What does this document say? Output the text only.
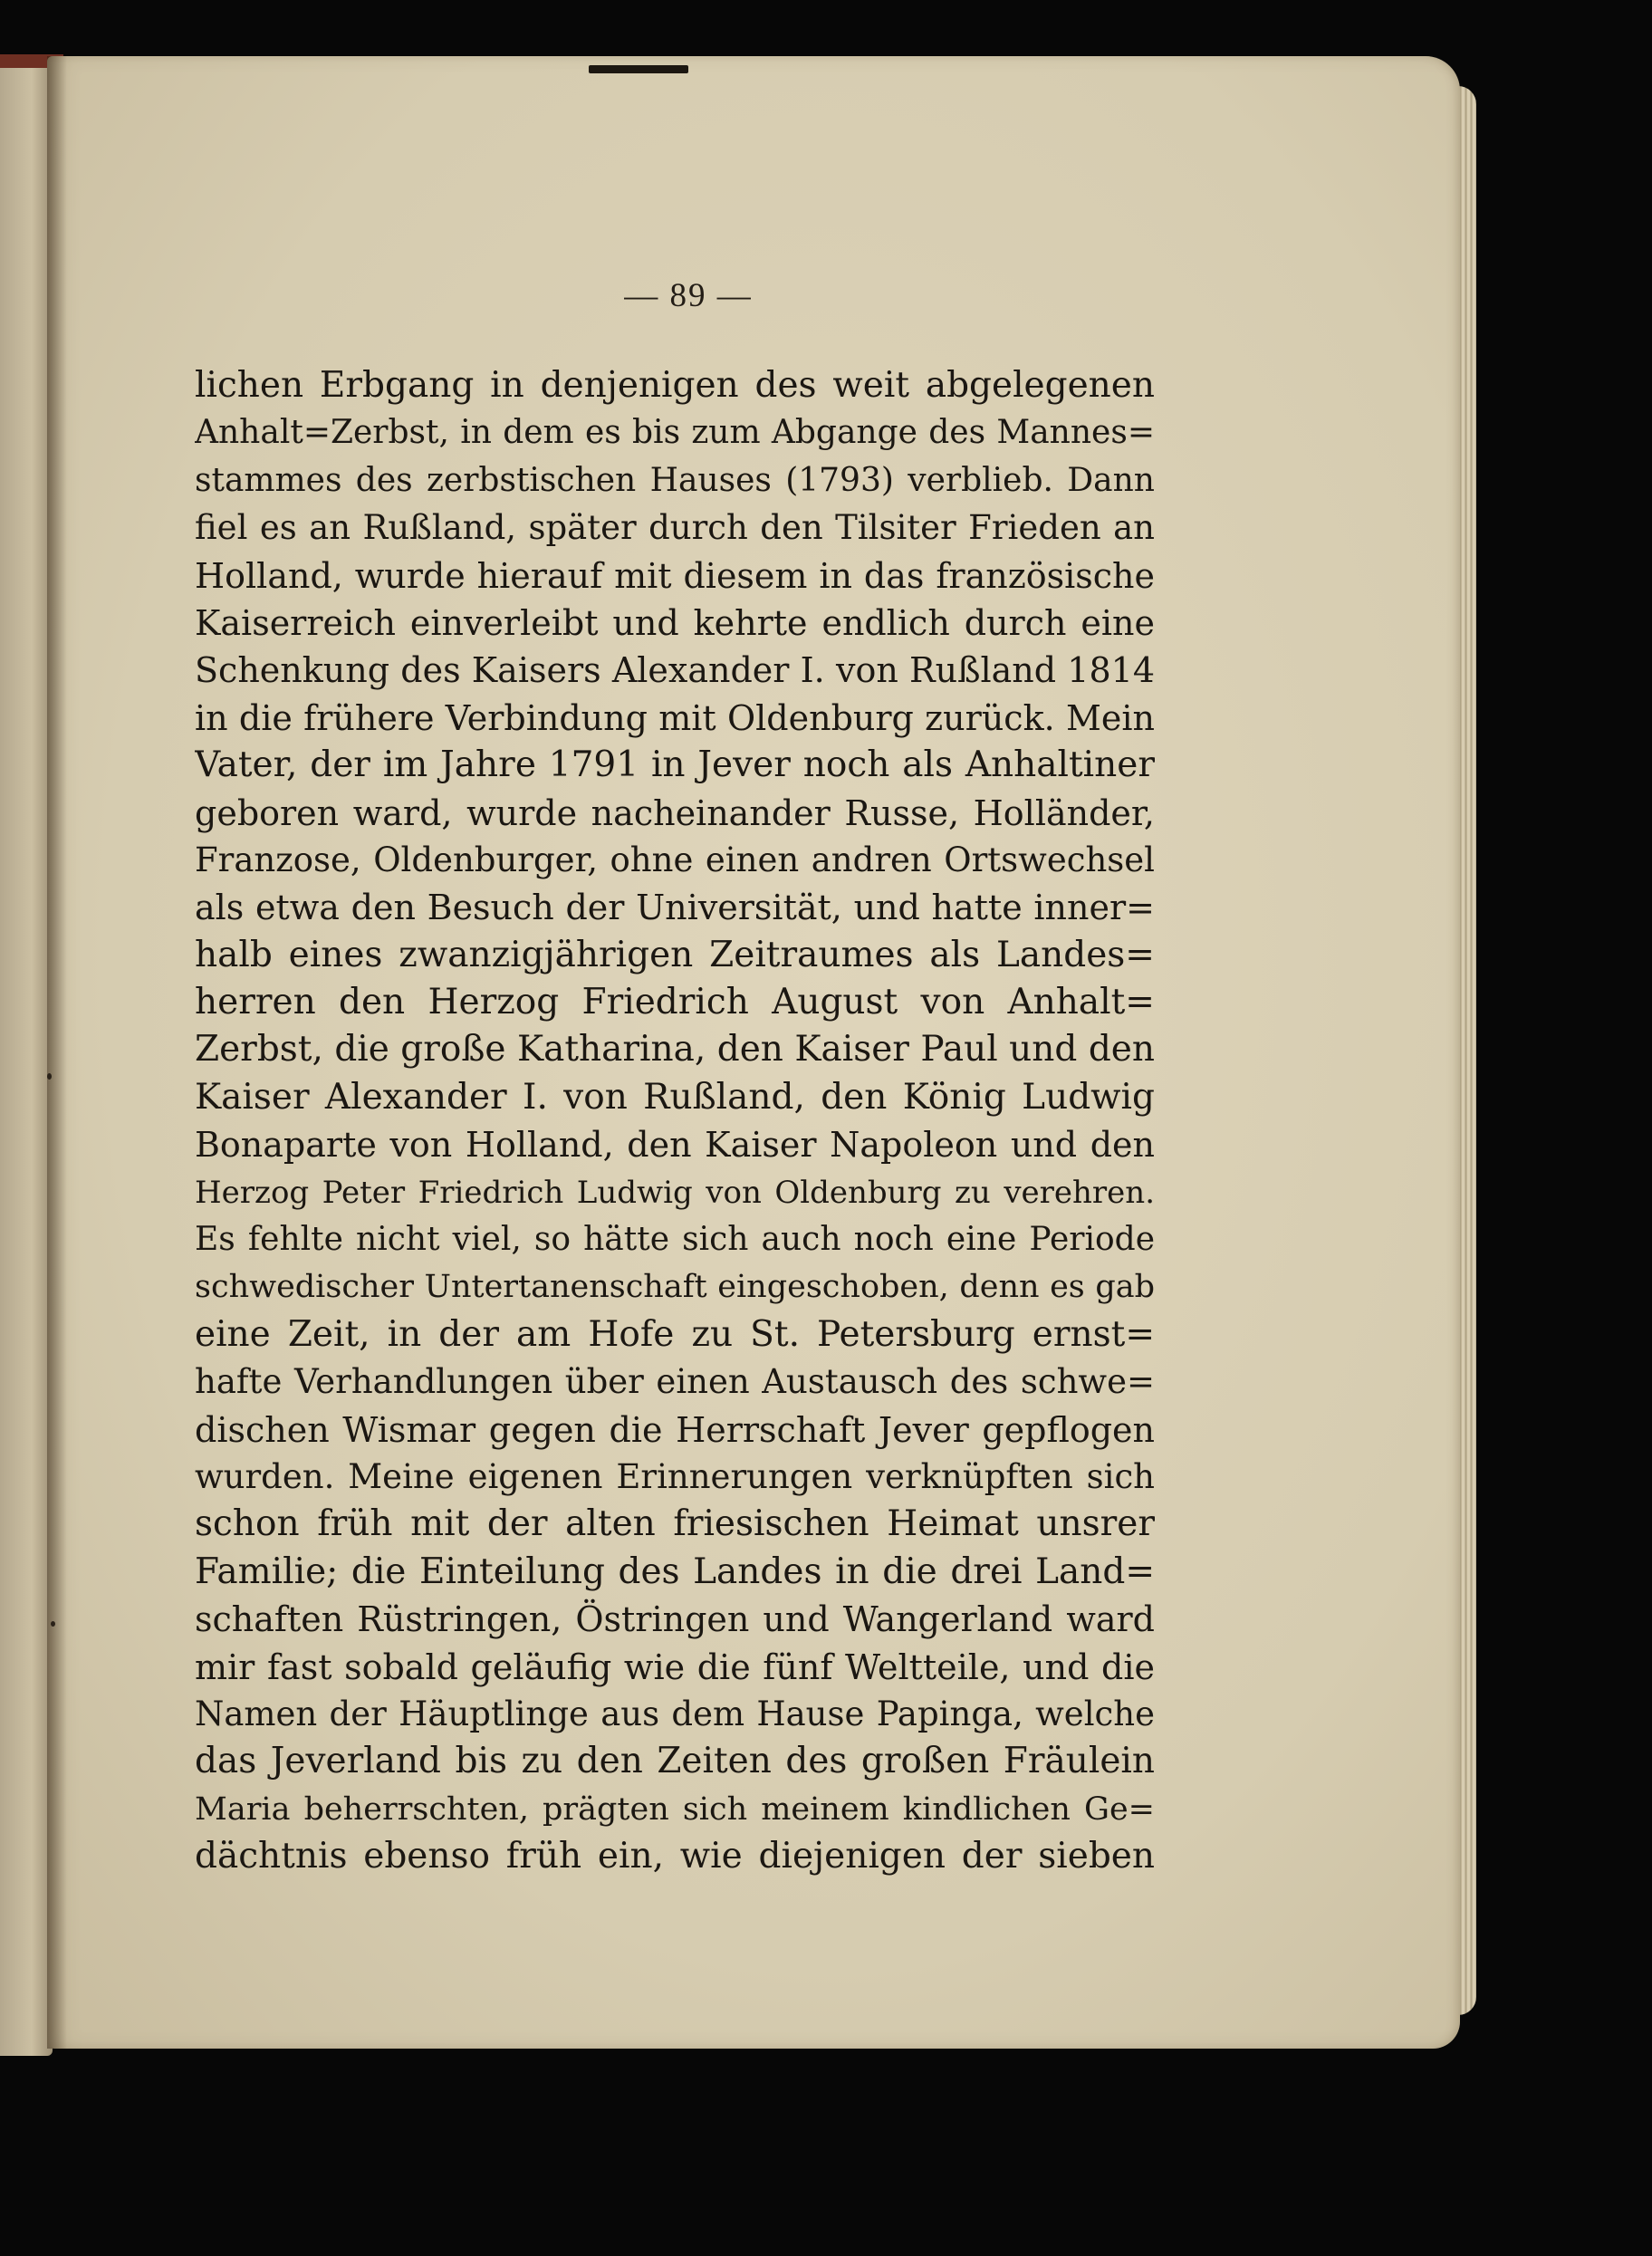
— 89 —
lichen Erbgang in denjenigen des weit abgelegenen
Anhalt=Zerbst, in dem es bis zum Abgange des Mannes=
stammes des zerbstischen Hauses (1793) verblieb. Dann
fiel es an Rußland, später durch den Tilsiter Frieden an
Holland, wurde hierauf mit diesem in das französische
Kaiserreich einverleibt und kehrte endlich durch eine
Schenkung des Kaisers Alexander I. von Rußland 1814
in die frühere Verbindung mit Oldenburg zurück. Mein
Vater, der im Jahre 1791 in Jever noch als Anhaltiner
geboren ward, wurde nacheinander Russe, Holländer,
Franzose, Oldenburger, ohne einen andren Ortswechsel
als etwa den Besuch der Universität, und hatte inner=
halb eines zwanzigjährigen Zeitraumes als Landes=
herren den Herzog Friedrich August von Anhalt=
Zerbst, die große Katharina, den Kaiser Paul und den
Kaiser Alexander I. von Rußland, den König Ludwig
Bonaparte von Holland, den Kaiser Napoleon und den
Herzog Peter Friedrich Ludwig von Oldenburg zu verehren.
Es fehlte nicht viel, so hätte sich auch noch eine Periode
schwedischer Untertanenschaft eingeschoben, denn es gab
eine Zeit, in der am Hofe zu St. Petersburg ernst=
hafte Verhandlungen über einen Austausch des schwe=
dischen Wismar gegen die Herrschaft Jever gepflogen
wurden. Meine eigenen Erinnerungen verknüpften sich
schon früh mit der alten friesischen Heimat unsrer
Familie; die Einteilung des Landes in die drei Land=
schaften Rüstringen, Östringen und Wangerland ward
mir fast sobald geläufig wie die fünf Weltteile, und die
Namen der Häuptlinge aus dem Hause Papinga, welche
das Jeverland bis zu den Zeiten des großen Fräulein
Maria beherrschten, prägten sich meinem kindlichen Ge=
dächtnis ebenso früh ein, wie diejenigen der sieben
